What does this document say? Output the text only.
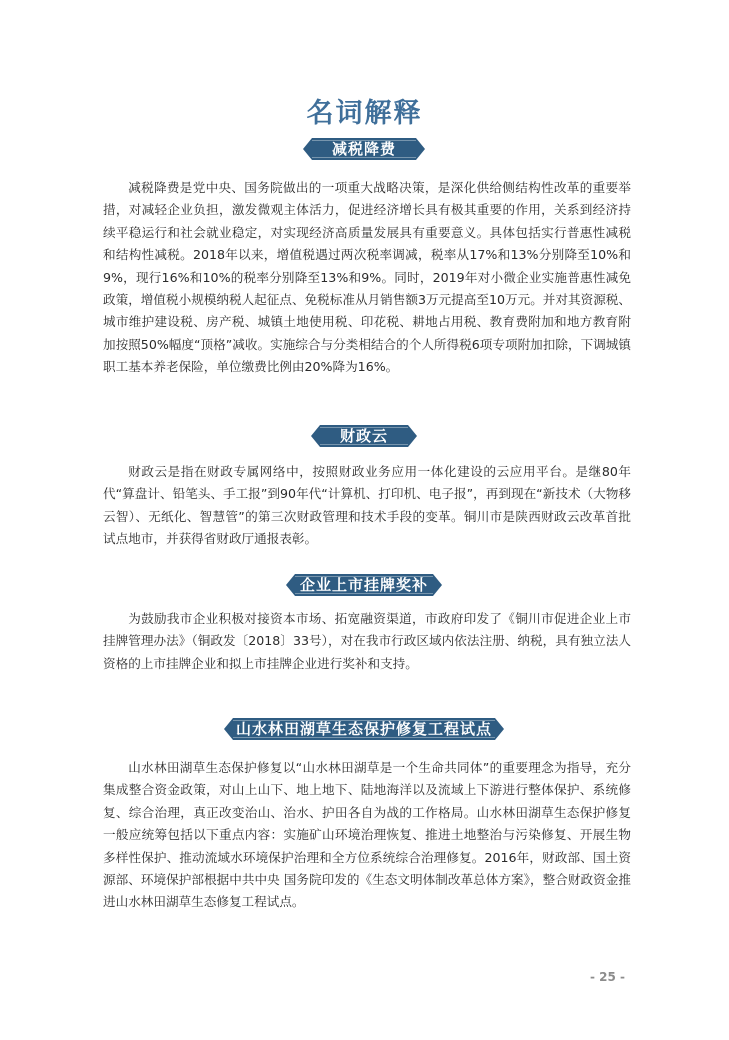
名词解释
减税降费

减税降费是党中央、国务院做出的一项重大战略决策，是深化供给侧结构性改革的重要举措，对减轻企业负担，激发微观主体活力，促进经济增长具有极其重要的作用，关系到经济持续平稳运行和社会就业稳定，对实现经济高质量发展具有重要意义。具体包括实行普惠性减税和结构性减税。2018年以来，增值税遇过两次税率调减，税率从17%和13%分别降至10%和9%，现行16%和10%的税率分别降至13%和9%。同时，2019年对小微企业实施普惠性减免政策，增值税小规模纳税人起征点、免税标准从月销售额3万元提高至10万元。并对其资源税、城市维护建设税、房产税、城镇土地使用税、印花税、耕地占用税、教育费附加和地方教育附加按照50%幅度“顶格”减收。实施综合与分类相结合的个人所得税6项专项附加扣除，下调城镇职工基本养老保险，单位缴费比例由20%降为16%。

财政云

财政云是指在财政专属网络中，按照财政业务应用一体化建设的云应用平台。是继80年代“算盘计、铅笔头、手工报”到90年代“计算机、打印机、电子报”，再到现在“新技术（大物移云智）、无纸化、智慧管”的第三次财政管理和技术手段的变革。铜川市是陕西财政云改革首批试点地市，并获得省财政厅通报表彰。

企业上市挂牌奖补

为鼓励我市企业积极对接资本市场、拓宽融资渠道，市政府印发了《铜川市促进企业上市挂牌管理办法》（铜政发〔2018〕33号），对在我市行政区域内依法注册、纳税，具有独立法人资格的上市挂牌企业和拟上市挂牌企业进行奖补和支持。

山水林田湖草生态保护修复工程试点

山水林田湖草生态保护修复以“山水林田湖草是一个生命共同体”的重要理念为指导，充分集成整合资金政策，对山上山下、地上地下、陆地海洋以及流域上下游进行整体保护、系统修复、综合治理，真正改变治山、治水、护田各自为战的工作格局。山水林田湖草生态保护修复一般应统筹包括以下重点内容：实施矿山环境治理恢复、推进土地整治与污染修复、开展生物多样性保护、推动流域水环境保护治理和全方位系统综合治理修复。2016年，财政部、国土资源部、环境保护部根据中共中央 国务院印发的《生态文明体制改革总体方案》，整合财政资金推进山水林田湖草生态修复工程试点。

- 25 -
